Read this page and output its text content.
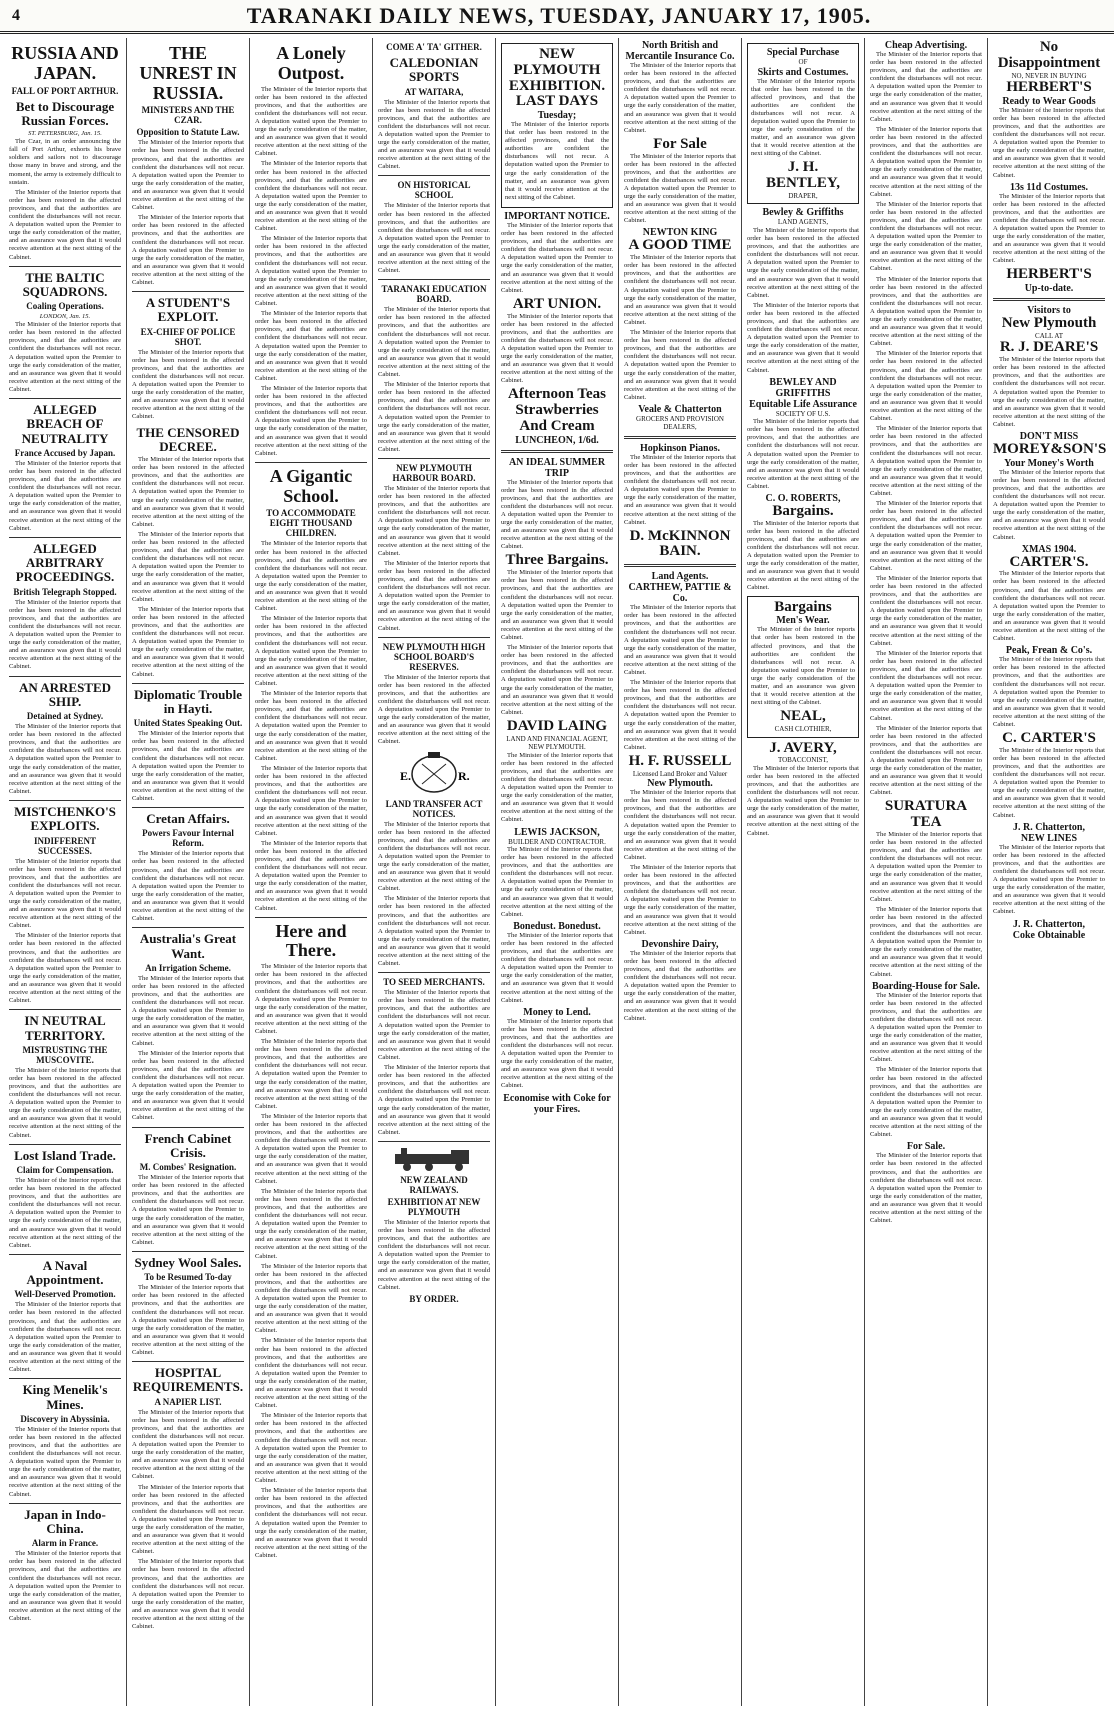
4	TARANAKI DAILY NEWS, TUESDAY, JANUARY 17, 1905.

RUSSIA AND JAPAN.
FALL OF PORT ARTHUR.
Bet to Discourage Russian Forces.
ST. PETERSBURG, Jan. 15.

The Czar, in an order announcing the fall of Port Arthur, exhorts his brave soldiers and sailors not to discourage those many in brave and strong, and the moment, the army is extremely difficult to sustain.

The Minister of the Interior reports that order has been restored in the affected provinces, and that the authorities are confident the disturbances will not recur. A deputation waited upon the Premier to urge the early consideration of the matter, and an assurance was given that it would receive attention at the next sitting of the Cabinet.

THE BALTIC SQUADRONS.
Coaling Operations.
LONDON, Jan. 15.

The Minister of the Interior reports that order has been restored in the affected provinces, and that the authorities are confident the disturbances will not recur. A deputation waited upon the Premier to urge the early consideration of the matter, and an assurance was given that it would receive attention at the next sitting of the Cabinet.

ALLEGED BREACH OF NEUTRALITY
France Accused by Japan.

The Minister of the Interior reports that order has been restored in the affected provinces, and that the authorities are confident the disturbances will not recur. A deputation waited upon the Premier to urge the early consideration of the matter, and an assurance was given that it would receive attention at the next sitting of the Cabinet.

ALLEGED ARBITRARY PROCEEDINGS.
British Telegraph Stopped.

The Minister of the Interior reports that order has been restored in the affected provinces, and that the authorities are confident the disturbances will not recur. A deputation waited upon the Premier to urge the early consideration of the matter, and an assurance was given that it would receive attention at the next sitting of the Cabinet.

AN ARRESTED SHIP.
Detained at Sydney.

The Minister of the Interior reports that order has been restored in the affected provinces, and that the authorities are confident the disturbances will not recur. A deputation waited upon the Premier to urge the early consideration of the matter, and an assurance was given that it would receive attention at the next sitting of the Cabinet.

MISTCHENKO'S EXPLOITS.
INDIFFERENT SUCCESSES.

The Minister of the Interior reports that order has been restored in the affected provinces, and that the authorities are confident the disturbances will not recur. A deputation waited upon the Premier to urge the early consideration of the matter, and an assurance was given that it would receive attention at the next sitting of the Cabinet.

The Minister of the Interior reports that order has been restored in the affected provinces, and that the authorities are confident the disturbances will not recur. A deputation waited upon the Premier to urge the early consideration of the matter, and an assurance was given that it would receive attention at the next sitting of the Cabinet.

IN NEUTRAL TERRITORY.
MISTRUSTING THE MUSCOVITE.

The Minister of the Interior reports that order has been restored in the affected provinces, and that the authorities are confident the disturbances will not recur. A deputation waited upon the Premier to urge the early consideration of the matter, and an assurance was given that it would receive attention at the next sitting of the Cabinet.

Lost Island Trade.
Claim for Compensation.

The Minister of the Interior reports that order has been restored in the affected provinces, and that the authorities are confident the disturbances will not recur. A deputation waited upon the Premier to urge the early consideration of the matter, and an assurance was given that it would receive attention at the next sitting of the Cabinet.

A Naval Appointment.
Well-Deserved Promotion.

The Minister of the Interior reports that order has been restored in the affected provinces, and that the authorities are confident the disturbances will not recur. A deputation waited upon the Premier to urge the early consideration of the matter, and an assurance was given that it would receive attention at the next sitting of the Cabinet.

King Menelik's Mines.
Discovery in Abyssinia.

The Minister of the Interior reports that order has been restored in the affected provinces, and that the authorities are confident the disturbances will not recur. A deputation waited upon the Premier to urge the early consideration of the matter, and an assurance was given that it would receive attention at the next sitting of the Cabinet.

Japan in Indo-China.
Alarm in France.

The Minister of the Interior reports that order has been restored in the affected provinces, and that the authorities are confident the disturbances will not recur. A deputation waited upon the Premier to urge the early consideration of the matter, and an assurance was given that it would receive attention at the next sitting of the Cabinet.

THE UNREST IN RUSSIA.
MINISTERS AND THE CZAR.
Opposition to Statute Law.

The Minister of the Interior reports that order has been restored in the affected provinces, and that the authorities are confident the disturbances will not recur. A deputation waited upon the Premier to urge the early consideration of the matter, and an assurance was given that it would receive attention at the next sitting of the Cabinet.

The Minister of the Interior reports that order has been restored in the affected provinces, and that the authorities are confident the disturbances will not recur. A deputation waited upon the Premier to urge the early consideration of the matter, and an assurance was given that it would receive attention at the next sitting of the Cabinet.

A STUDENT'S EXPLOIT.
EX-CHIEF OF POLICE SHOT.

The Minister of the Interior reports that order has been restored in the affected provinces, and that the authorities are confident the disturbances will not recur. A deputation waited upon the Premier to urge the early consideration of the matter, and an assurance was given that it would receive attention at the next sitting of the Cabinet.

THE CENSORED DECREE.

The Minister of the Interior reports that order has been restored in the affected provinces, and that the authorities are confident the disturbances will not recur. A deputation waited upon the Premier to urge the early consideration of the matter, and an assurance was given that it would receive attention at the next sitting of the Cabinet.

The Minister of the Interior reports that order has been restored in the affected provinces, and that the authorities are confident the disturbances will not recur. A deputation waited upon the Premier to urge the early consideration of the matter, and an assurance was given that it would receive attention at the next sitting of the Cabinet.

The Minister of the Interior reports that order has been restored in the affected provinces, and that the authorities are confident the disturbances will not recur. A deputation waited upon the Premier to urge the early consideration of the matter, and an assurance was given that it would receive attention at the next sitting of the Cabinet.

Diplomatic Trouble in Hayti.
United States Speaking Out.

The Minister of the Interior reports that order has been restored in the affected provinces, and that the authorities are confident the disturbances will not recur. A deputation waited upon the Premier to urge the early consideration of the matter, and an assurance was given that it would receive attention at the next sitting of the Cabinet.

Cretan Affairs.
Powers Favour Internal Reform.

The Minister of the Interior reports that order has been restored in the affected provinces, and that the authorities are confident the disturbances will not recur. A deputation waited upon the Premier to urge the early consideration of the matter, and an assurance was given that it would receive attention at the next sitting of the Cabinet.

Australia's Great Want.
An Irrigation Scheme.

The Minister of the Interior reports that order has been restored in the affected provinces, and that the authorities are confident the disturbances will not recur. A deputation waited upon the Premier to urge the early consideration of the matter, and an assurance was given that it would receive attention at the next sitting of the Cabinet.

The Minister of the Interior reports that order has been restored in the affected provinces, and that the authorities are confident the disturbances will not recur. A deputation waited upon the Premier to urge the early consideration of the matter, and an assurance was given that it would receive attention at the next sitting of the Cabinet.

French Cabinet Crisis.
M. Combes' Resignation.

The Minister of the Interior reports that order has been restored in the affected provinces, and that the authorities are confident the disturbances will not recur. A deputation waited upon the Premier to urge the early consideration of the matter, and an assurance was given that it would receive attention at the next sitting of the Cabinet.

Sydney Wool Sales.
To be Resumed To-day

The Minister of the Interior reports that order has been restored in the affected provinces, and that the authorities are confident the disturbances will not recur. A deputation waited upon the Premier to urge the early consideration of the matter, and an assurance was given that it would receive attention at the next sitting of the Cabinet.

HOSPITAL REQUIREMENTS.
A NAPIER LIST.

The Minister of the Interior reports that order has been restored in the affected provinces, and that the authorities are confident the disturbances will not recur. A deputation waited upon the Premier to urge the early consideration of the matter, and an assurance was given that it would receive attention at the next sitting of the Cabinet.

The Minister of the Interior reports that order has been restored in the affected provinces, and that the authorities are confident the disturbances will not recur. A deputation waited upon the Premier to urge the early consideration of the matter, and an assurance was given that it would receive attention at the next sitting of the Cabinet.

The Minister of the Interior reports that order has been restored in the affected provinces, and that the authorities are confident the disturbances will not recur. A deputation waited upon the Premier to urge the early consideration of the matter, and an assurance was given that it would receive attention at the next sitting of the Cabinet.

A Lonely Outpost.

The Minister of the Interior reports that order has been restored in the affected provinces, and that the authorities are confident the disturbances will not recur. A deputation waited upon the Premier to urge the early consideration of the matter, and an assurance was given that it would receive attention at the next sitting of the Cabinet.

The Minister of the Interior reports that order has been restored in the affected provinces, and that the authorities are confident the disturbances will not recur. A deputation waited upon the Premier to urge the early consideration of the matter, and an assurance was given that it would receive attention at the next sitting of the Cabinet.

The Minister of the Interior reports that order has been restored in the affected provinces, and that the authorities are confident the disturbances will not recur. A deputation waited upon the Premier to urge the early consideration of the matter, and an assurance was given that it would receive attention at the next sitting of the Cabinet.

The Minister of the Interior reports that order has been restored in the affected provinces, and that the authorities are confident the disturbances will not recur. A deputation waited upon the Premier to urge the early consideration of the matter, and an assurance was given that it would receive attention at the next sitting of the Cabinet.

The Minister of the Interior reports that order has been restored in the affected provinces, and that the authorities are confident the disturbances will not recur. A deputation waited upon the Premier to urge the early consideration of the matter, and an assurance was given that it would receive attention at the next sitting of the Cabinet.

A Gigantic School.
TO ACCOMMODATE EIGHT THOUSAND CHILDREN.

The Minister of the Interior reports that order has been restored in the affected provinces, and that the authorities are confident the disturbances will not recur. A deputation waited upon the Premier to urge the early consideration of the matter, and an assurance was given that it would receive attention at the next sitting of the Cabinet.

The Minister of the Interior reports that order has been restored in the affected provinces, and that the authorities are confident the disturbances will not recur. A deputation waited upon the Premier to urge the early consideration of the matter, and an assurance was given that it would receive attention at the next sitting of the Cabinet.

The Minister of the Interior reports that order has been restored in the affected provinces, and that the authorities are confident the disturbances will not recur. A deputation waited upon the Premier to urge the early consideration of the matter, and an assurance was given that it would receive attention at the next sitting of the Cabinet.

The Minister of the Interior reports that order has been restored in the affected provinces, and that the authorities are confident the disturbances will not recur. A deputation waited upon the Premier to urge the early consideration of the matter, and an assurance was given that it would receive attention at the next sitting of the Cabinet.

The Minister of the Interior reports that order has been restored in the affected provinces, and that the authorities are confident the disturbances will not recur. A deputation waited upon the Premier to urge the early consideration of the matter, and an assurance was given that it would receive attention at the next sitting of the Cabinet.

Here and There.

The Minister of the Interior reports that order has been restored in the affected provinces, and that the authorities are confident the disturbances will not recur. A deputation waited upon the Premier to urge the early consideration of the matter, and an assurance was given that it would receive attention at the next sitting of the Cabinet.

The Minister of the Interior reports that order has been restored in the affected provinces, and that the authorities are confident the disturbances will not recur. A deputation waited upon the Premier to urge the early consideration of the matter, and an assurance was given that it would receive attention at the next sitting of the Cabinet.

The Minister of the Interior reports that order has been restored in the affected provinces, and that the authorities are confident the disturbances will not recur. A deputation waited upon the Premier to urge the early consideration of the matter, and an assurance was given that it would receive attention at the next sitting of the Cabinet.

The Minister of the Interior reports that order has been restored in the affected provinces, and that the authorities are confident the disturbances will not recur. A deputation waited upon the Premier to urge the early consideration of the matter, and an assurance was given that it would receive attention at the next sitting of the Cabinet.

The Minister of the Interior reports that order has been restored in the affected provinces, and that the authorities are confident the disturbances will not recur. A deputation waited upon the Premier to urge the early consideration of the matter, and an assurance was given that it would receive attention at the next sitting of the Cabinet.

The Minister of the Interior reports that order has been restored in the affected provinces, and that the authorities are confident the disturbances will not recur. A deputation waited upon the Premier to urge the early consideration of the matter, and an assurance was given that it would receive attention at the next sitting of the Cabinet.

The Minister of the Interior reports that order has been restored in the affected provinces, and that the authorities are confident the disturbances will not recur. A deputation waited upon the Premier to urge the early consideration of the matter, and an assurance was given that it would receive attention at the next sitting of the Cabinet.

The Minister of the Interior reports that order has been restored in the affected provinces, and that the authorities are confident the disturbances will not recur. A deputation waited upon the Premier to urge the early consideration of the matter, and an assurance was given that it would receive attention at the next sitting of the Cabinet.

COME A' TA' GITHER.
CALEDONIAN SPORTS
AT WAITARA,

The Minister of the Interior reports that order has been restored in the affected provinces, and that the authorities are confident the disturbances will not recur. A deputation waited upon the Premier to urge the early consideration of the matter, and an assurance was given that it would receive attention at the next sitting of the Cabinet.

ON HISTORICAL SCHOOL

The Minister of the Interior reports that order has been restored in the affected provinces, and that the authorities are confident the disturbances will not recur. A deputation waited upon the Premier to urge the early consideration of the matter, and an assurance was given that it would receive attention at the next sitting of the Cabinet.

TARANAKI EDUCATION BOARD.

The Minister of the Interior reports that order has been restored in the affected provinces, and that the authorities are confident the disturbances will not recur. A deputation waited upon the Premier to urge the early consideration of the matter, and an assurance was given that it would receive attention at the next sitting of the Cabinet.

The Minister of the Interior reports that order has been restored in the affected provinces, and that the authorities are confident the disturbances will not recur. A deputation waited upon the Premier to urge the early consideration of the matter, and an assurance was given that it would receive attention at the next sitting of the Cabinet.

NEW PLYMOUTH HARBOUR BOARD.

The Minister of the Interior reports that order has been restored in the affected provinces, and that the authorities are confident the disturbances will not recur. A deputation waited upon the Premier to urge the early consideration of the matter, and an assurance was given that it would receive attention at the next sitting of the Cabinet.

The Minister of the Interior reports that order has been restored in the affected provinces, and that the authorities are confident the disturbances will not recur. A deputation waited upon the Premier to urge the early consideration of the matter, and an assurance was given that it would receive attention at the next sitting of the Cabinet.

NEW PLYMOUTH HIGH SCHOOL BOARD'S RESERVES.

The Minister of the Interior reports that order has been restored in the affected provinces, and that the authorities are confident the disturbances will not recur. A deputation waited upon the Premier to urge the early consideration of the matter, and an assurance was given that it would receive attention at the next sitting of the Cabinet.

E.	R.
LAND TRANSFER ACT NOTICES.

The Minister of the Interior reports that order has been restored in the affected provinces, and that the authorities are confident the disturbances will not recur. A deputation waited upon the Premier to urge the early consideration of the matter, and an assurance was given that it would receive attention at the next sitting of the Cabinet.

The Minister of the Interior reports that order has been restored in the affected provinces, and that the authorities are confident the disturbances will not recur. A deputation waited upon the Premier to urge the early consideration of the matter, and an assurance was given that it would receive attention at the next sitting of the Cabinet.

TO SEED MERCHANTS.

The Minister of the Interior reports that order has been restored in the affected provinces, and that the authorities are confident the disturbances will not recur. A deputation waited upon the Premier to urge the early consideration of the matter, and an assurance was given that it would receive attention at the next sitting of the Cabinet.

The Minister of the Interior reports that order has been restored in the affected provinces, and that the authorities are confident the disturbances will not recur. A deputation waited upon the Premier to urge the early consideration of the matter, and an assurance was given that it would receive attention at the next sitting of the Cabinet.

NEW ZEALAND RAILWAYS.
EXHIBITION AT NEW PLYMOUTH

The Minister of the Interior reports that order has been restored in the affected provinces, and that the authorities are confident the disturbances will not recur. A deputation waited upon the Premier to urge the early consideration of the matter, and an assurance was given that it would receive attention at the next sitting of the Cabinet.

BY ORDER.
NEW PLYMOUTH EXHIBITION.
LAST DAYS
Tuesday;

The Minister of the Interior reports that order has been restored in the affected provinces, and that the authorities are confident the disturbances will not recur. A deputation waited upon the Premier to urge the early consideration of the matter, and an assurance was given that it would receive attention at the next sitting of the Cabinet.

IMPORTANT NOTICE.

The Minister of the Interior reports that order has been restored in the affected provinces, and that the authorities are confident the disturbances will not recur. A deputation waited upon the Premier to urge the early consideration of the matter, and an assurance was given that it would receive attention at the next sitting of the Cabinet.

ART UNION.

The Minister of the Interior reports that order has been restored in the affected provinces, and that the authorities are confident the disturbances will not recur. A deputation waited upon the Premier to urge the early consideration of the matter, and an assurance was given that it would receive attention at the next sitting of the Cabinet.

Afternoon Teas
Strawberries And Cream
LUNCHEON, 1/6d.
AN IDEAL SUMMER TRIP

The Minister of the Interior reports that order has been restored in the affected provinces, and that the authorities are confident the disturbances will not recur. A deputation waited upon the Premier to urge the early consideration of the matter, and an assurance was given that it would receive attention at the next sitting of the Cabinet.

Three Bargains.

The Minister of the Interior reports that order has been restored in the affected provinces, and that the authorities are confident the disturbances will not recur. A deputation waited upon the Premier to urge the early consideration of the matter, and an assurance was given that it would receive attention at the next sitting of the Cabinet.

The Minister of the Interior reports that order has been restored in the affected provinces, and that the authorities are confident the disturbances will not recur. A deputation waited upon the Premier to urge the early consideration of the matter, and an assurance was given that it would receive attention at the next sitting of the Cabinet.

DAVID LAING
LAND AND FINANCIAL AGENT, NEW PLYMOUTH.

The Minister of the Interior reports that order has been restored in the affected provinces, and that the authorities are confident the disturbances will not recur. A deputation waited upon the Premier to urge the early consideration of the matter, and an assurance was given that it would receive attention at the next sitting of the Cabinet.

LEWIS JACKSON,
BUILDER AND CONTRACTOR.

The Minister of the Interior reports that order has been restored in the affected provinces, and that the authorities are confident the disturbances will not recur. A deputation waited upon the Premier to urge the early consideration of the matter, and an assurance was given that it would receive attention at the next sitting of the Cabinet.

Bonedust. Bonedust.

The Minister of the Interior reports that order has been restored in the affected provinces, and that the authorities are confident the disturbances will not recur. A deputation waited upon the Premier to urge the early consideration of the matter, and an assurance was given that it would receive attention at the next sitting of the Cabinet.

Money to Lend.

The Minister of the Interior reports that order has been restored in the affected provinces, and that the authorities are confident the disturbances will not recur. A deputation waited upon the Premier to urge the early consideration of the matter, and an assurance was given that it would receive attention at the next sitting of the Cabinet.

Economise with Coke for your Fires.
North British and Mercantile Insurance Co.

The Minister of the Interior reports that order has been restored in the affected provinces, and that the authorities are confident the disturbances will not recur. A deputation waited upon the Premier to urge the early consideration of the matter, and an assurance was given that it would receive attention at the next sitting of the Cabinet.

For Sale

The Minister of the Interior reports that order has been restored in the affected provinces, and that the authorities are confident the disturbances will not recur. A deputation waited upon the Premier to urge the early consideration of the matter, and an assurance was given that it would receive attention at the next sitting of the Cabinet.

NEWTON KING
A GOOD TIME

The Minister of the Interior reports that order has been restored in the affected provinces, and that the authorities are confident the disturbances will not recur. A deputation waited upon the Premier to urge the early consideration of the matter, and an assurance was given that it would receive attention at the next sitting of the Cabinet.

The Minister of the Interior reports that order has been restored in the affected provinces, and that the authorities are confident the disturbances will not recur. A deputation waited upon the Premier to urge the early consideration of the matter, and an assurance was given that it would receive attention at the next sitting of the Cabinet.

Veale & Chatterton
GROCERS AND PROVISION DEALERS,
Hopkinson Pianos.

The Minister of the Interior reports that order has been restored in the affected provinces, and that the authorities are confident the disturbances will not recur. A deputation waited upon the Premier to urge the early consideration of the matter, and an assurance was given that it would receive attention at the next sitting of the Cabinet.

D. McKINNON BAIN.
Land Agents.
CARTHEW, PATTIE & Co.

The Minister of the Interior reports that order has been restored in the affected provinces, and that the authorities are confident the disturbances will not recur. A deputation waited upon the Premier to urge the early consideration of the matter, and an assurance was given that it would receive attention at the next sitting of the Cabinet.

The Minister of the Interior reports that order has been restored in the affected provinces, and that the authorities are confident the disturbances will not recur. A deputation waited upon the Premier to urge the early consideration of the matter, and an assurance was given that it would receive attention at the next sitting of the Cabinet.

H. F. RUSSELL
Licensed Land Broker and Valuer
New Plymouth.

The Minister of the Interior reports that order has been restored in the affected provinces, and that the authorities are confident the disturbances will not recur. A deputation waited upon the Premier to urge the early consideration of the matter, and an assurance was given that it would receive attention at the next sitting of the Cabinet.

The Minister of the Interior reports that order has been restored in the affected provinces, and that the authorities are confident the disturbances will not recur. A deputation waited upon the Premier to urge the early consideration of the matter, and an assurance was given that it would receive attention at the next sitting of the Cabinet.

Devonshire Dairy,

The Minister of the Interior reports that order has been restored in the affected provinces, and that the authorities are confident the disturbances will not recur. A deputation waited upon the Premier to urge the early consideration of the matter, and an assurance was given that it would receive attention at the next sitting of the Cabinet.

Special Purchase
OF
Skirts and Costumes.

The Minister of the Interior reports that order has been restored in the affected provinces, and that the authorities are confident the disturbances will not recur. A deputation waited upon the Premier to urge the early consideration of the matter, and an assurance was given that it would receive attention at the next sitting of the Cabinet.

J. H. BENTLEY,
DRAPER,
Bewley & Griffiths
LAND AGENTS,

The Minister of the Interior reports that order has been restored in the affected provinces, and that the authorities are confident the disturbances will not recur. A deputation waited upon the Premier to urge the early consideration of the matter, and an assurance was given that it would receive attention at the next sitting of the Cabinet.

The Minister of the Interior reports that order has been restored in the affected provinces, and that the authorities are confident the disturbances will not recur. A deputation waited upon the Premier to urge the early consideration of the matter, and an assurance was given that it would receive attention at the next sitting of the Cabinet.

BEWLEY AND GRIFFITHS
Equitable Life Assurance
SOCIETY OF U.S.

The Minister of the Interior reports that order has been restored in the affected provinces, and that the authorities are confident the disturbances will not recur. A deputation waited upon the Premier to urge the early consideration of the matter, and an assurance was given that it would receive attention at the next sitting of the Cabinet.

C. O. ROBERTS,
Bargains.

The Minister of the Interior reports that order has been restored in the affected provinces, and that the authorities are confident the disturbances will not recur. A deputation waited upon the Premier to urge the early consideration of the matter, and an assurance was given that it would receive attention at the next sitting of the Cabinet.

Bargains
Men's Wear.

The Minister of the Interior reports that order has been restored in the affected provinces, and that the authorities are confident the disturbances will not recur. A deputation waited upon the Premier to urge the early consideration of the matter, and an assurance was given that it would receive attention at the next sitting of the Cabinet.

NEAL,
CASH CLOTHIER,
J. AVERY,
TOBACCONIST,

The Minister of the Interior reports that order has been restored in the affected provinces, and that the authorities are confident the disturbances will not recur. A deputation waited upon the Premier to urge the early consideration of the matter, and an assurance was given that it would receive attention at the next sitting of the Cabinet.

Cheap Advertising.

The Minister of the Interior reports that order has been restored in the affected provinces, and that the authorities are confident the disturbances will not recur. A deputation waited upon the Premier to urge the early consideration of the matter, and an assurance was given that it would receive attention at the next sitting of the Cabinet.

The Minister of the Interior reports that order has been restored in the affected provinces, and that the authorities are confident the disturbances will not recur. A deputation waited upon the Premier to urge the early consideration of the matter, and an assurance was given that it would receive attention at the next sitting of the Cabinet.

The Minister of the Interior reports that order has been restored in the affected provinces, and that the authorities are confident the disturbances will not recur. A deputation waited upon the Premier to urge the early consideration of the matter, and an assurance was given that it would receive attention at the next sitting of the Cabinet.

The Minister of the Interior reports that order has been restored in the affected provinces, and that the authorities are confident the disturbances will not recur. A deputation waited upon the Premier to urge the early consideration of the matter, and an assurance was given that it would receive attention at the next sitting of the Cabinet.

The Minister of the Interior reports that order has been restored in the affected provinces, and that the authorities are confident the disturbances will not recur. A deputation waited upon the Premier to urge the early consideration of the matter, and an assurance was given that it would receive attention at the next sitting of the Cabinet.

The Minister of the Interior reports that order has been restored in the affected provinces, and that the authorities are confident the disturbances will not recur. A deputation waited upon the Premier to urge the early consideration of the matter, and an assurance was given that it would receive attention at the next sitting of the Cabinet.

The Minister of the Interior reports that order has been restored in the affected provinces, and that the authorities are confident the disturbances will not recur. A deputation waited upon the Premier to urge the early consideration of the matter, and an assurance was given that it would receive attention at the next sitting of the Cabinet.

The Minister of the Interior reports that order has been restored in the affected provinces, and that the authorities are confident the disturbances will not recur. A deputation waited upon the Premier to urge the early consideration of the matter, and an assurance was given that it would receive attention at the next sitting of the Cabinet.

The Minister of the Interior reports that order has been restored in the affected provinces, and that the authorities are confident the disturbances will not recur. A deputation waited upon the Premier to urge the early consideration of the matter, and an assurance was given that it would receive attention at the next sitting of the Cabinet.

The Minister of the Interior reports that order has been restored in the affected provinces, and that the authorities are confident the disturbances will not recur. A deputation waited upon the Premier to urge the early consideration of the matter, and an assurance was given that it would receive attention at the next sitting of the Cabinet.

SURATURA TEA

The Minister of the Interior reports that order has been restored in the affected provinces, and that the authorities are confident the disturbances will not recur. A deputation waited upon the Premier to urge the early consideration of the matter, and an assurance was given that it would receive attention at the next sitting of the Cabinet.

The Minister of the Interior reports that order has been restored in the affected provinces, and that the authorities are confident the disturbances will not recur. A deputation waited upon the Premier to urge the early consideration of the matter, and an assurance was given that it would receive attention at the next sitting of the Cabinet.

Boarding-House for Sale.

The Minister of the Interior reports that order has been restored in the affected provinces, and that the authorities are confident the disturbances will not recur. A deputation waited upon the Premier to urge the early consideration of the matter, and an assurance was given that it would receive attention at the next sitting of the Cabinet.

The Minister of the Interior reports that order has been restored in the affected provinces, and that the authorities are confident the disturbances will not recur. A deputation waited upon the Premier to urge the early consideration of the matter, and an assurance was given that it would receive attention at the next sitting of the Cabinet.

For Sale.

The Minister of the Interior reports that order has been restored in the affected provinces, and that the authorities are confident the disturbances will not recur. A deputation waited upon the Premier to urge the early consideration of the matter, and an assurance was given that it would receive attention at the next sitting of the Cabinet.

No Disappointment
NO, NEVER IN BUYING
HERBERT'S
Ready to Wear Goods

The Minister of the Interior reports that order has been restored in the affected provinces, and that the authorities are confident the disturbances will not recur. A deputation waited upon the Premier to urge the early consideration of the matter, and an assurance was given that it would receive attention at the next sitting of the Cabinet.

13s 11d Costumes.

The Minister of the Interior reports that order has been restored in the affected provinces, and that the authorities are confident the disturbances will not recur. A deputation waited upon the Premier to urge the early consideration of the matter, and an assurance was given that it would receive attention at the next sitting of the Cabinet.

HERBERT'S
Up-to-date.
Visitors to
New Plymouth
CALL AT
R. J. DEARE'S

The Minister of the Interior reports that order has been restored in the affected provinces, and that the authorities are confident the disturbances will not recur. A deputation waited upon the Premier to urge the early consideration of the matter, and an assurance was given that it would receive attention at the next sitting of the Cabinet.

DON'T MISS
MOREY&SON'S
Your Money's Worth

The Minister of the Interior reports that order has been restored in the affected provinces, and that the authorities are confident the disturbances will not recur. A deputation waited upon the Premier to urge the early consideration of the matter, and an assurance was given that it would receive attention at the next sitting of the Cabinet.

XMAS 1904.
CARTER'S.

The Minister of the Interior reports that order has been restored in the affected provinces, and that the authorities are confident the disturbances will not recur. A deputation waited upon the Premier to urge the early consideration of the matter, and an assurance was given that it would receive attention at the next sitting of the Cabinet.

Peak, Frean & Co's.

The Minister of the Interior reports that order has been restored in the affected provinces, and that the authorities are confident the disturbances will not recur. A deputation waited upon the Premier to urge the early consideration of the matter, and an assurance was given that it would receive attention at the next sitting of the Cabinet.

C. CARTER'S

The Minister of the Interior reports that order has been restored in the affected provinces, and that the authorities are confident the disturbances will not recur. A deputation waited upon the Premier to urge the early consideration of the matter, and an assurance was given that it would receive attention at the next sitting of the Cabinet.

J. R. Chatterton,
NEW LINES

The Minister of the Interior reports that order has been restored in the affected provinces, and that the authorities are confident the disturbances will not recur. A deputation waited upon the Premier to urge the early consideration of the matter, and an assurance was given that it would receive attention at the next sitting of the Cabinet.

J. R. Chatterton,
Coke Obtainable
